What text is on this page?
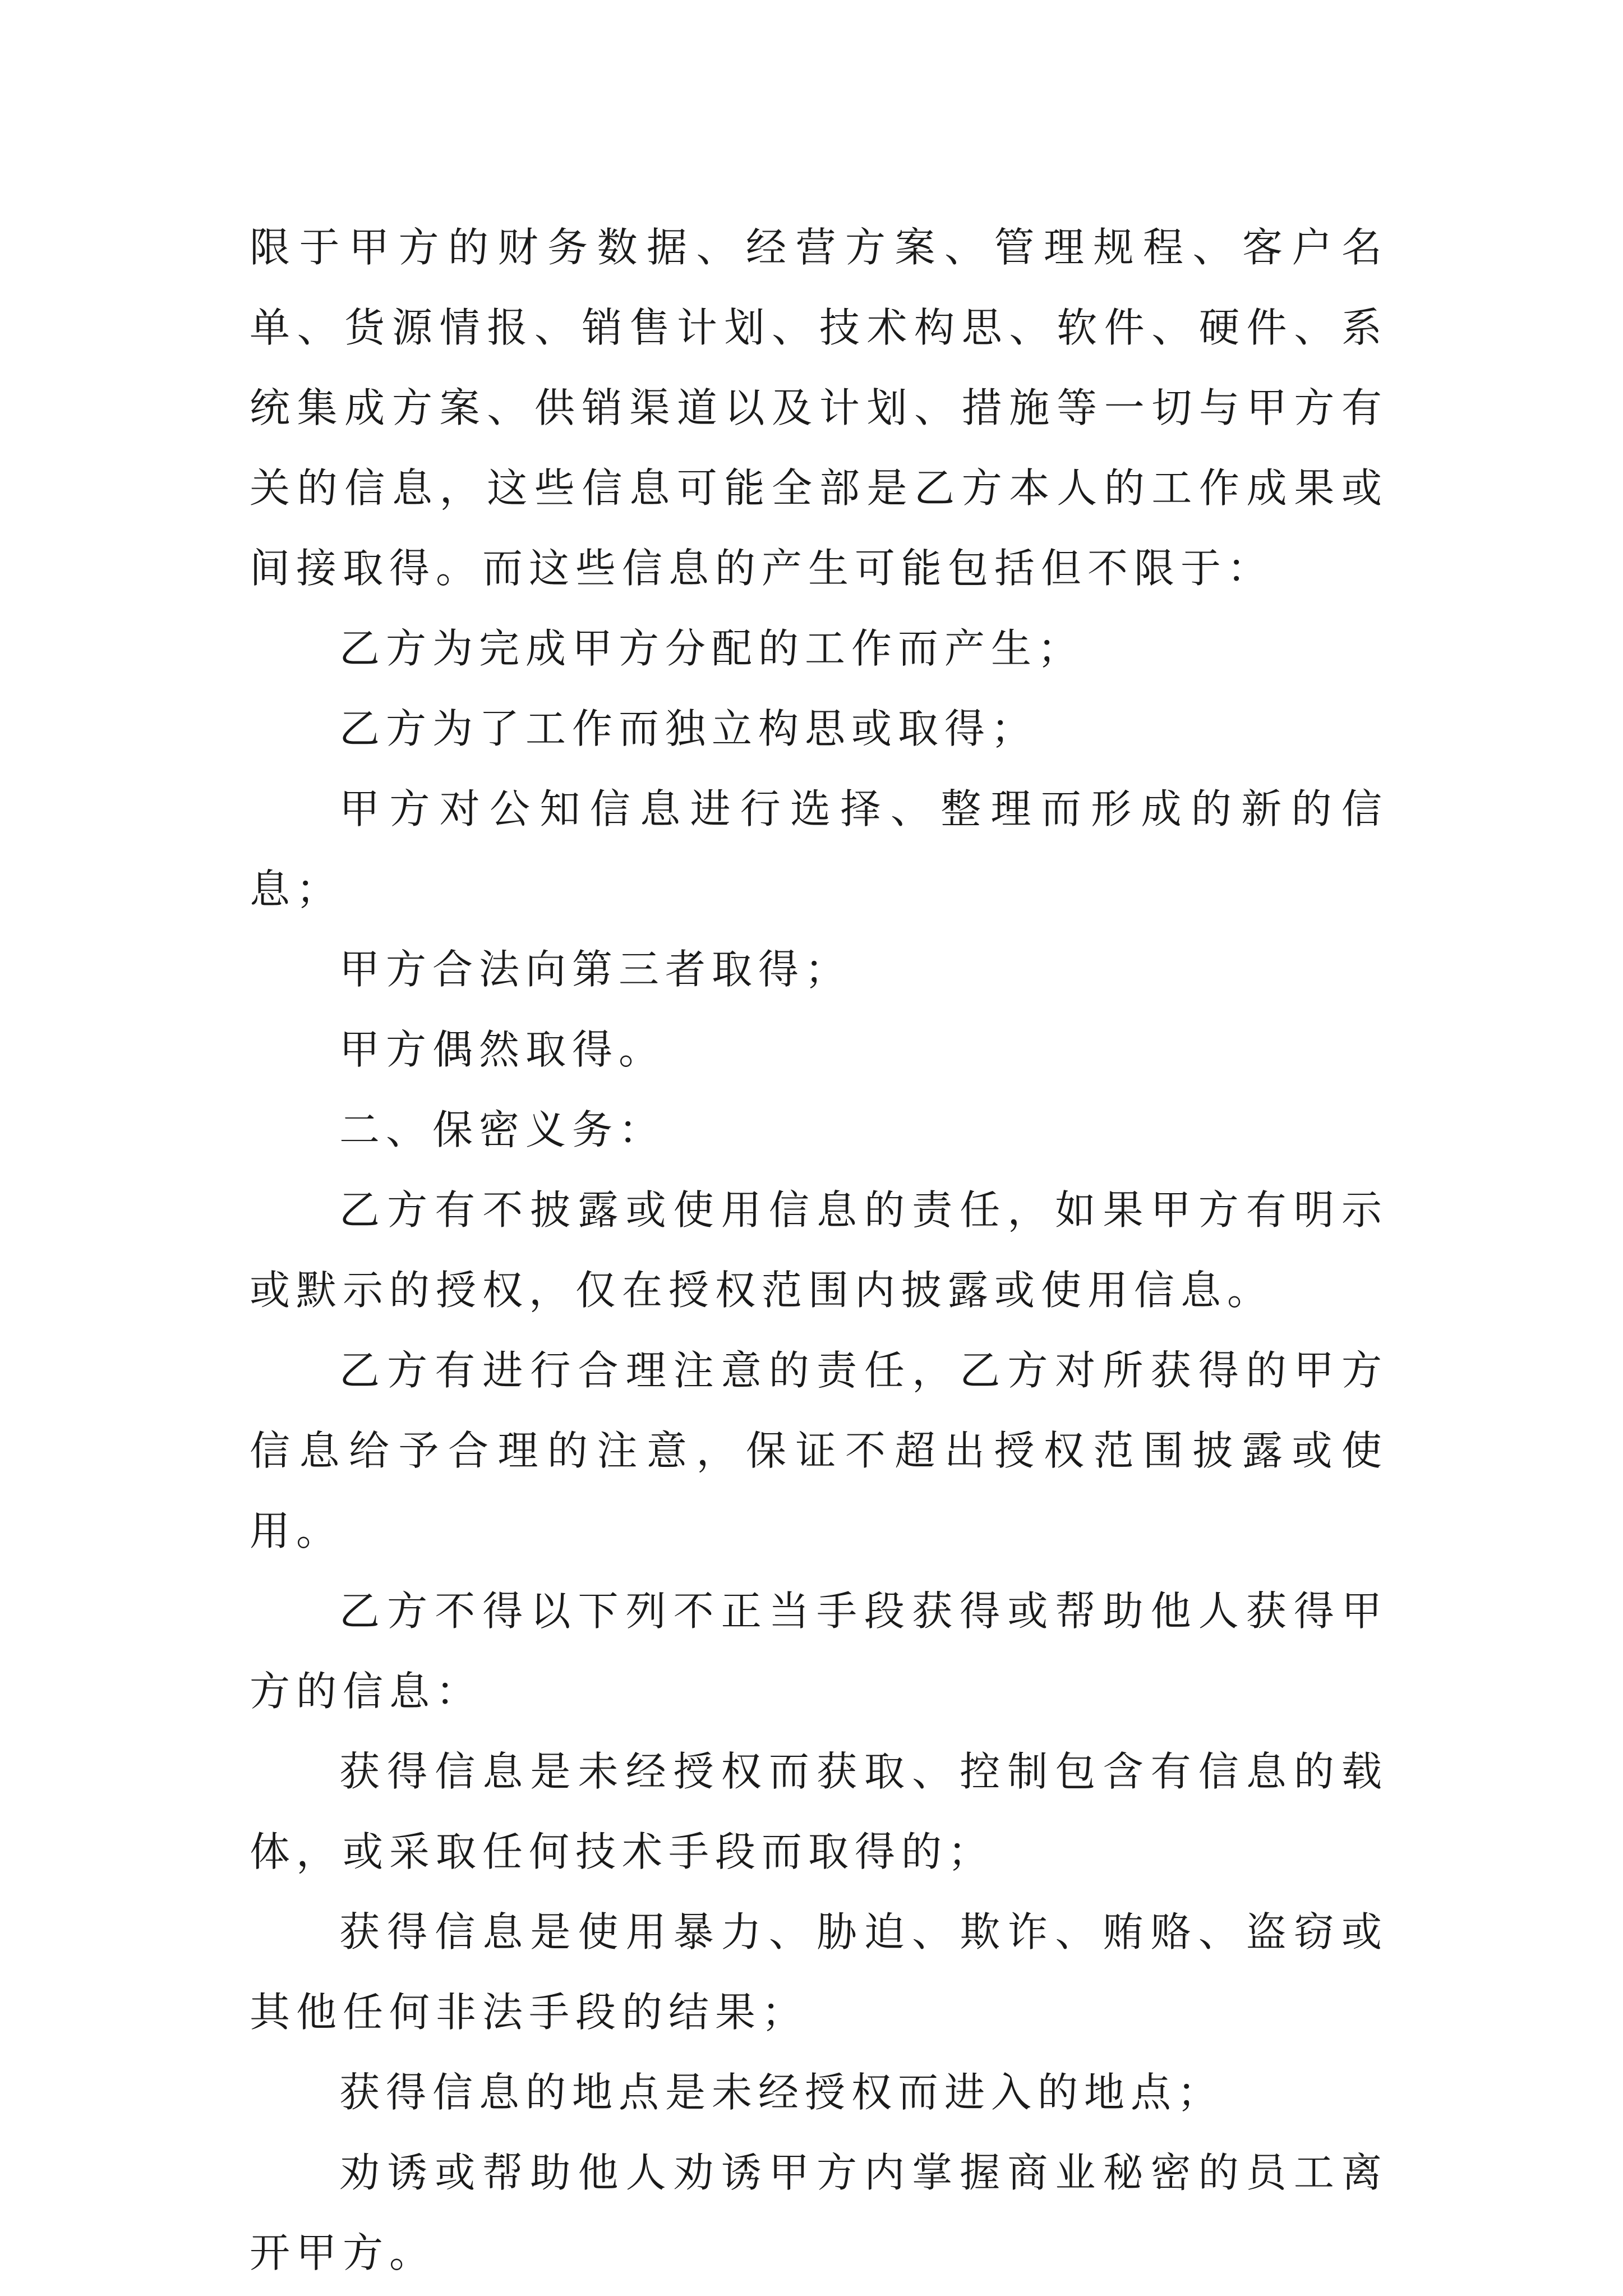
限于甲方的财务数据、经营方案、管理规程、客户名单、货源情报、销售计划、技术构思、软件、硬件、系统集成方案、供销渠道以及计划、措施等一切与甲方有关的信息，这些信息可能全部是乙方本人的工作成果或间接取得。而这些信息的产生可能包括但不限于：

乙方为完成甲方分配的工作而产生；

乙方为了工作而独立构思或取得；

甲方对公知信息进行选择、整理而形成的新的信息；

甲方合法向第三者取得；

甲方偶然取得。

二、保密义务：

乙方有不披露或使用信息的责任，如果甲方有明示或默示的授权，仅在授权范围内披露或使用信息。

乙方有进行合理注意的责任，乙方对所获得的甲方信息给予合理的注意，保证不超出授权范围披露或使用。

乙方不得以下列不正当手段获得或帮助他人获得甲方的信息：

获得信息是未经授权而获取、控制包含有信息的载体，或采取任何技术手段而取得的；

获得信息是使用暴力、胁迫、欺诈、贿赂、盗窃或其他任何非法手段的结果；

获得信息的地点是未经授权而进入的地点；

劝诱或帮助他人劝诱甲方内掌握商业秘密的员工离开甲方。
